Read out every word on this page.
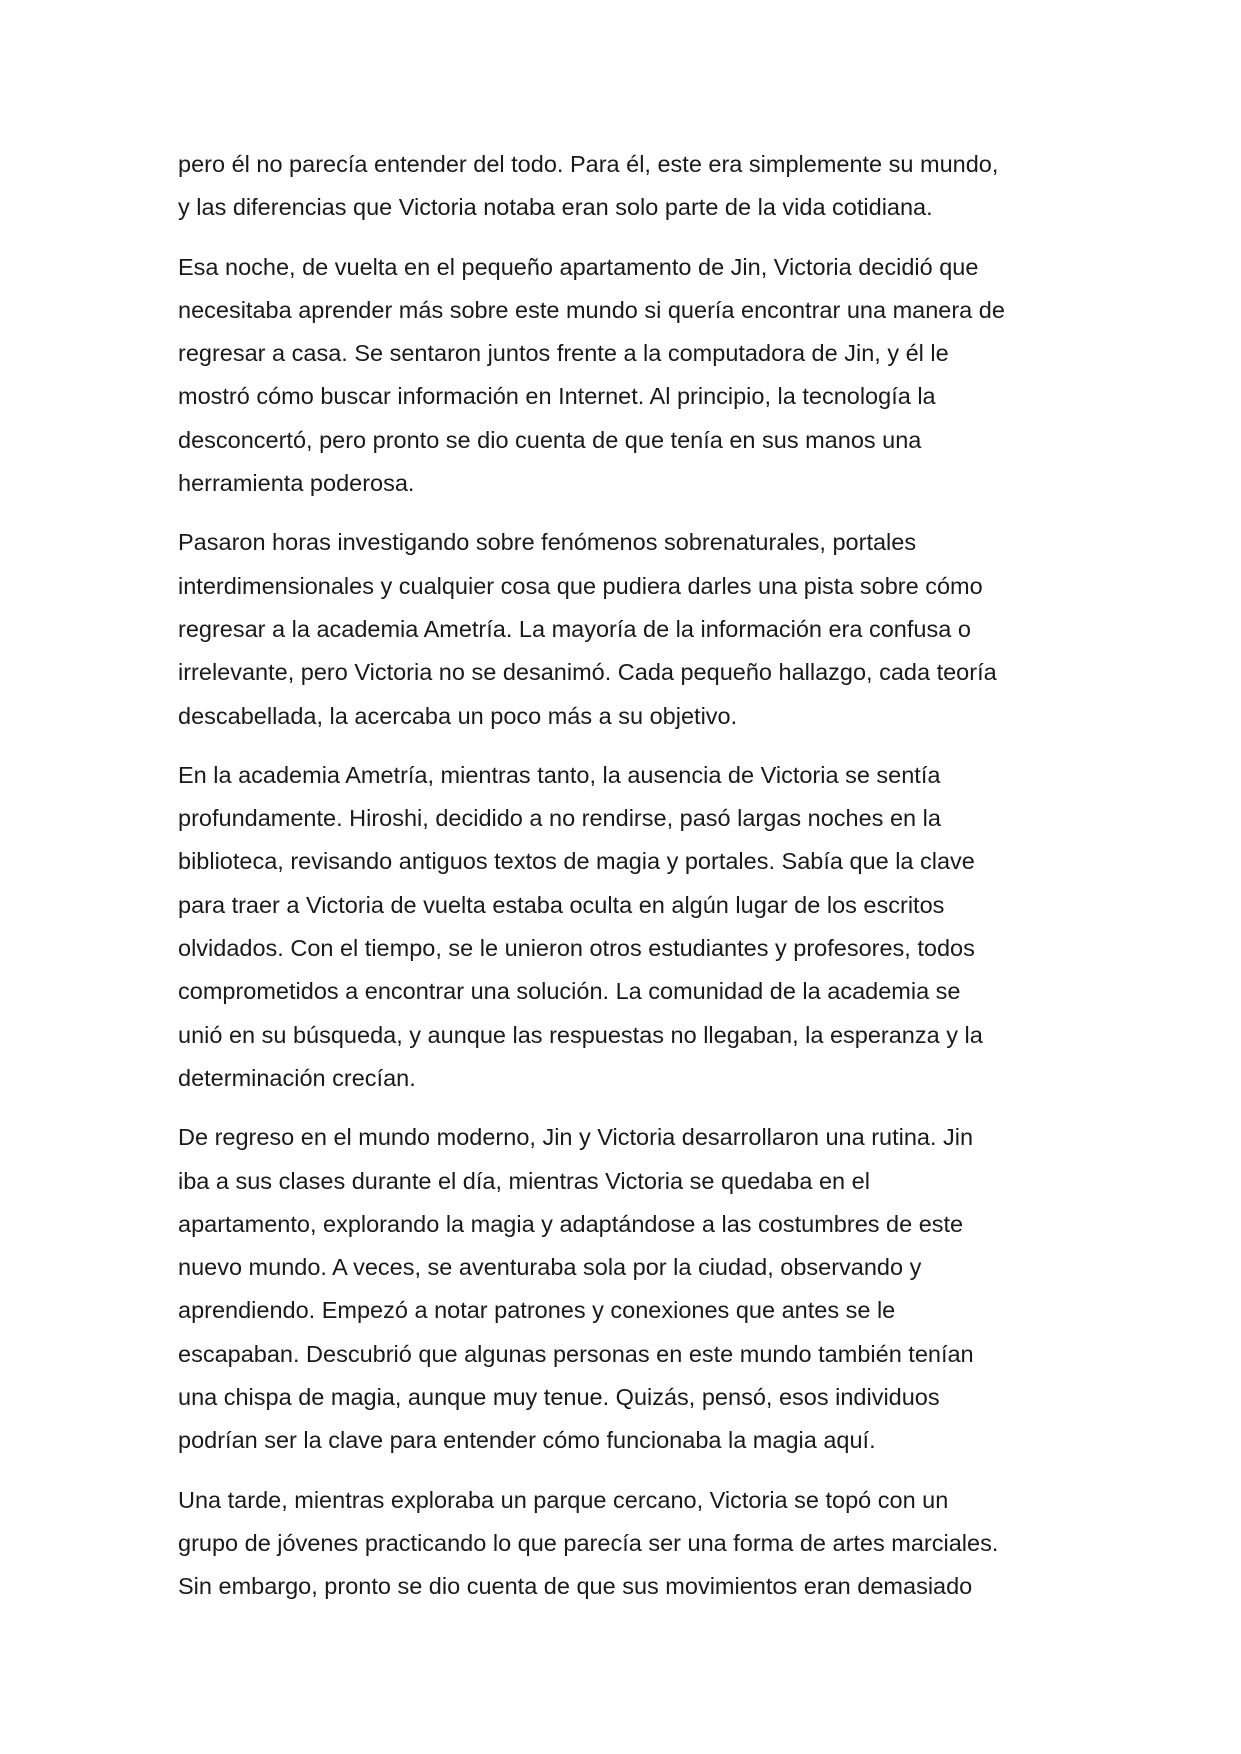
pero él no parecía entender del todo. Para él, este era simplemente su mundo,
y las diferencias que Victoria notaba eran solo parte de la vida cotidiana.

Esa noche, de vuelta en el pequeño apartamento de Jin, Victoria decidió que
necesitaba aprender más sobre este mundo si quería encontrar una manera de
regresar a casa. Se sentaron juntos frente a la computadora de Jin, y él le
mostró cómo buscar información en Internet. Al principio, la tecnología la
desconcertó, pero pronto se dio cuenta de que tenía en sus manos una
herramienta poderosa.

Pasaron horas investigando sobre fenómenos sobrenaturales, portales
interdimensionales y cualquier cosa que pudiera darles una pista sobre cómo
regresar a la academia Ametría. La mayoría de la información era confusa o
irrelevante, pero Victoria no se desanimó. Cada pequeño hallazgo, cada teoría
descabellada, la acercaba un poco más a su objetivo.

En la academia Ametría, mientras tanto, la ausencia de Victoria se sentía
profundamente. Hiroshi, decidido a no rendirse, pasó largas noches en la
biblioteca, revisando antiguos textos de magia y portales. Sabía que la clave
para traer a Victoria de vuelta estaba oculta en algún lugar de los escritos
olvidados. Con el tiempo, se le unieron otros estudiantes y profesores, todos
comprometidos a encontrar una solución. La comunidad de la academia se
unió en su búsqueda, y aunque las respuestas no llegaban, la esperanza y la
determinación crecían.

De regreso en el mundo moderno, Jin y Victoria desarrollaron una rutina. Jin
iba a sus clases durante el día, mientras Victoria se quedaba en el
apartamento, explorando la magia y adaptándose a las costumbres de este
nuevo mundo. A veces, se aventuraba sola por la ciudad, observando y
aprendiendo. Empezó a notar patrones y conexiones que antes se le
escapaban. Descubrió que algunas personas en este mundo también tenían
una chispa de magia, aunque muy tenue. Quizás, pensó, esos individuos
podrían ser la clave para entender cómo funcionaba la magia aquí.

Una tarde, mientras exploraba un parque cercano, Victoria se topó con un
grupo de jóvenes practicando lo que parecía ser una forma de artes marciales.
Sin embargo, pronto se dio cuenta de que sus movimientos eran demasiado
